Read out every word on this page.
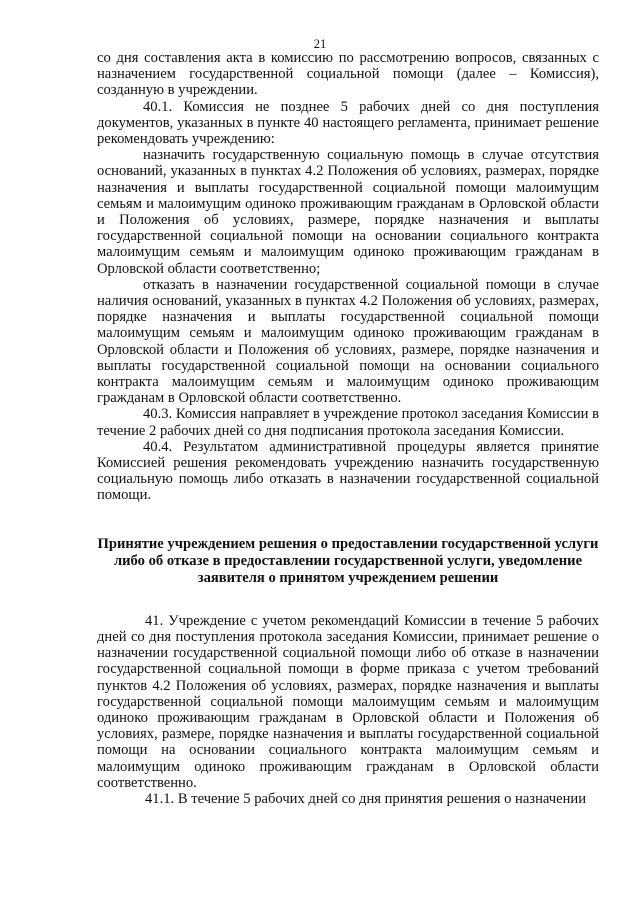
21

со дня составления акта в комиссию по рассмотрению вопросов, связанных с назначением государственной социальной помощи (далее – Комиссия), созданную в учреждении.

40.1. Комиссия не позднее 5 рабочих дней со дня поступления документов, указанных в пункте 40 настоящего регламента, принимает решение рекомендовать учреждению:

назначить государственную социальную помощь в случае отсутствия оснований, указанных в пунктах 4.2 Положения об условиях, размерах, порядке назначения и выплаты государственной социальной помощи малоимущим семьям и малоимущим одиноко проживающим гражданам в Орловской области и Положения об условиях, размере, порядке назначения и выплаты государственной социальной помощи на основании социального контракта малоимущим семьям и малоимущим одиноко проживающим гражданам в Орловской области соответственно;

отказать в назначении государственной социальной помощи в случае наличия оснований, указанных в пунктах 4.2 Положения об условиях, размерах, порядке назначения и выплаты государственной социальной помощи малоимущим семьям и малоимущим одиноко проживающим гражданам в Орловской области и Положения об условиях, размере, порядке назначения и выплаты государственной социальной помощи на основании социального контракта малоимущим семьям и малоимущим одиноко проживающим гражданам в Орловской области соответственно.

40.3. Комиссия направляет в учреждение протокол заседания Комиссии в течение 2 рабочих дней со дня подписания протокола заседания Комиссии.

40.4. Результатом административной процедуры является принятие Комиссией решения рекомендовать учреждению назначить государственную социальную помощь либо отказать в назначении государственной социальной помощи.

Принятие учреждением решения о предоставлении государственной услуги либо об отказе в предоставлении государственной услуги, уведомление заявителя о принятом учреждением решении

41. Учреждение с учетом рекомендаций Комиссии в течение 5 рабочих дней со дня поступления протокола заседания Комиссии, принимает решение о назначении государственной социальной помощи либо об отказе в назначении государственной социальной помощи в форме приказа с учетом требований пунктов 4.2 Положения об условиях, размерах, порядке назначения и выплаты государственной социальной помощи малоимущим семьям и малоимущим одиноко проживающим гражданам в Орловской области и Положения об условиях, размере, порядке назначения и выплаты государственной социальной помощи на основании социального контракта малоимущим семьям и малоимущим одиноко проживающим гражданам в Орловской области соответственно.

41.1. В течение 5 рабочих дней со дня принятия решения о назначении
